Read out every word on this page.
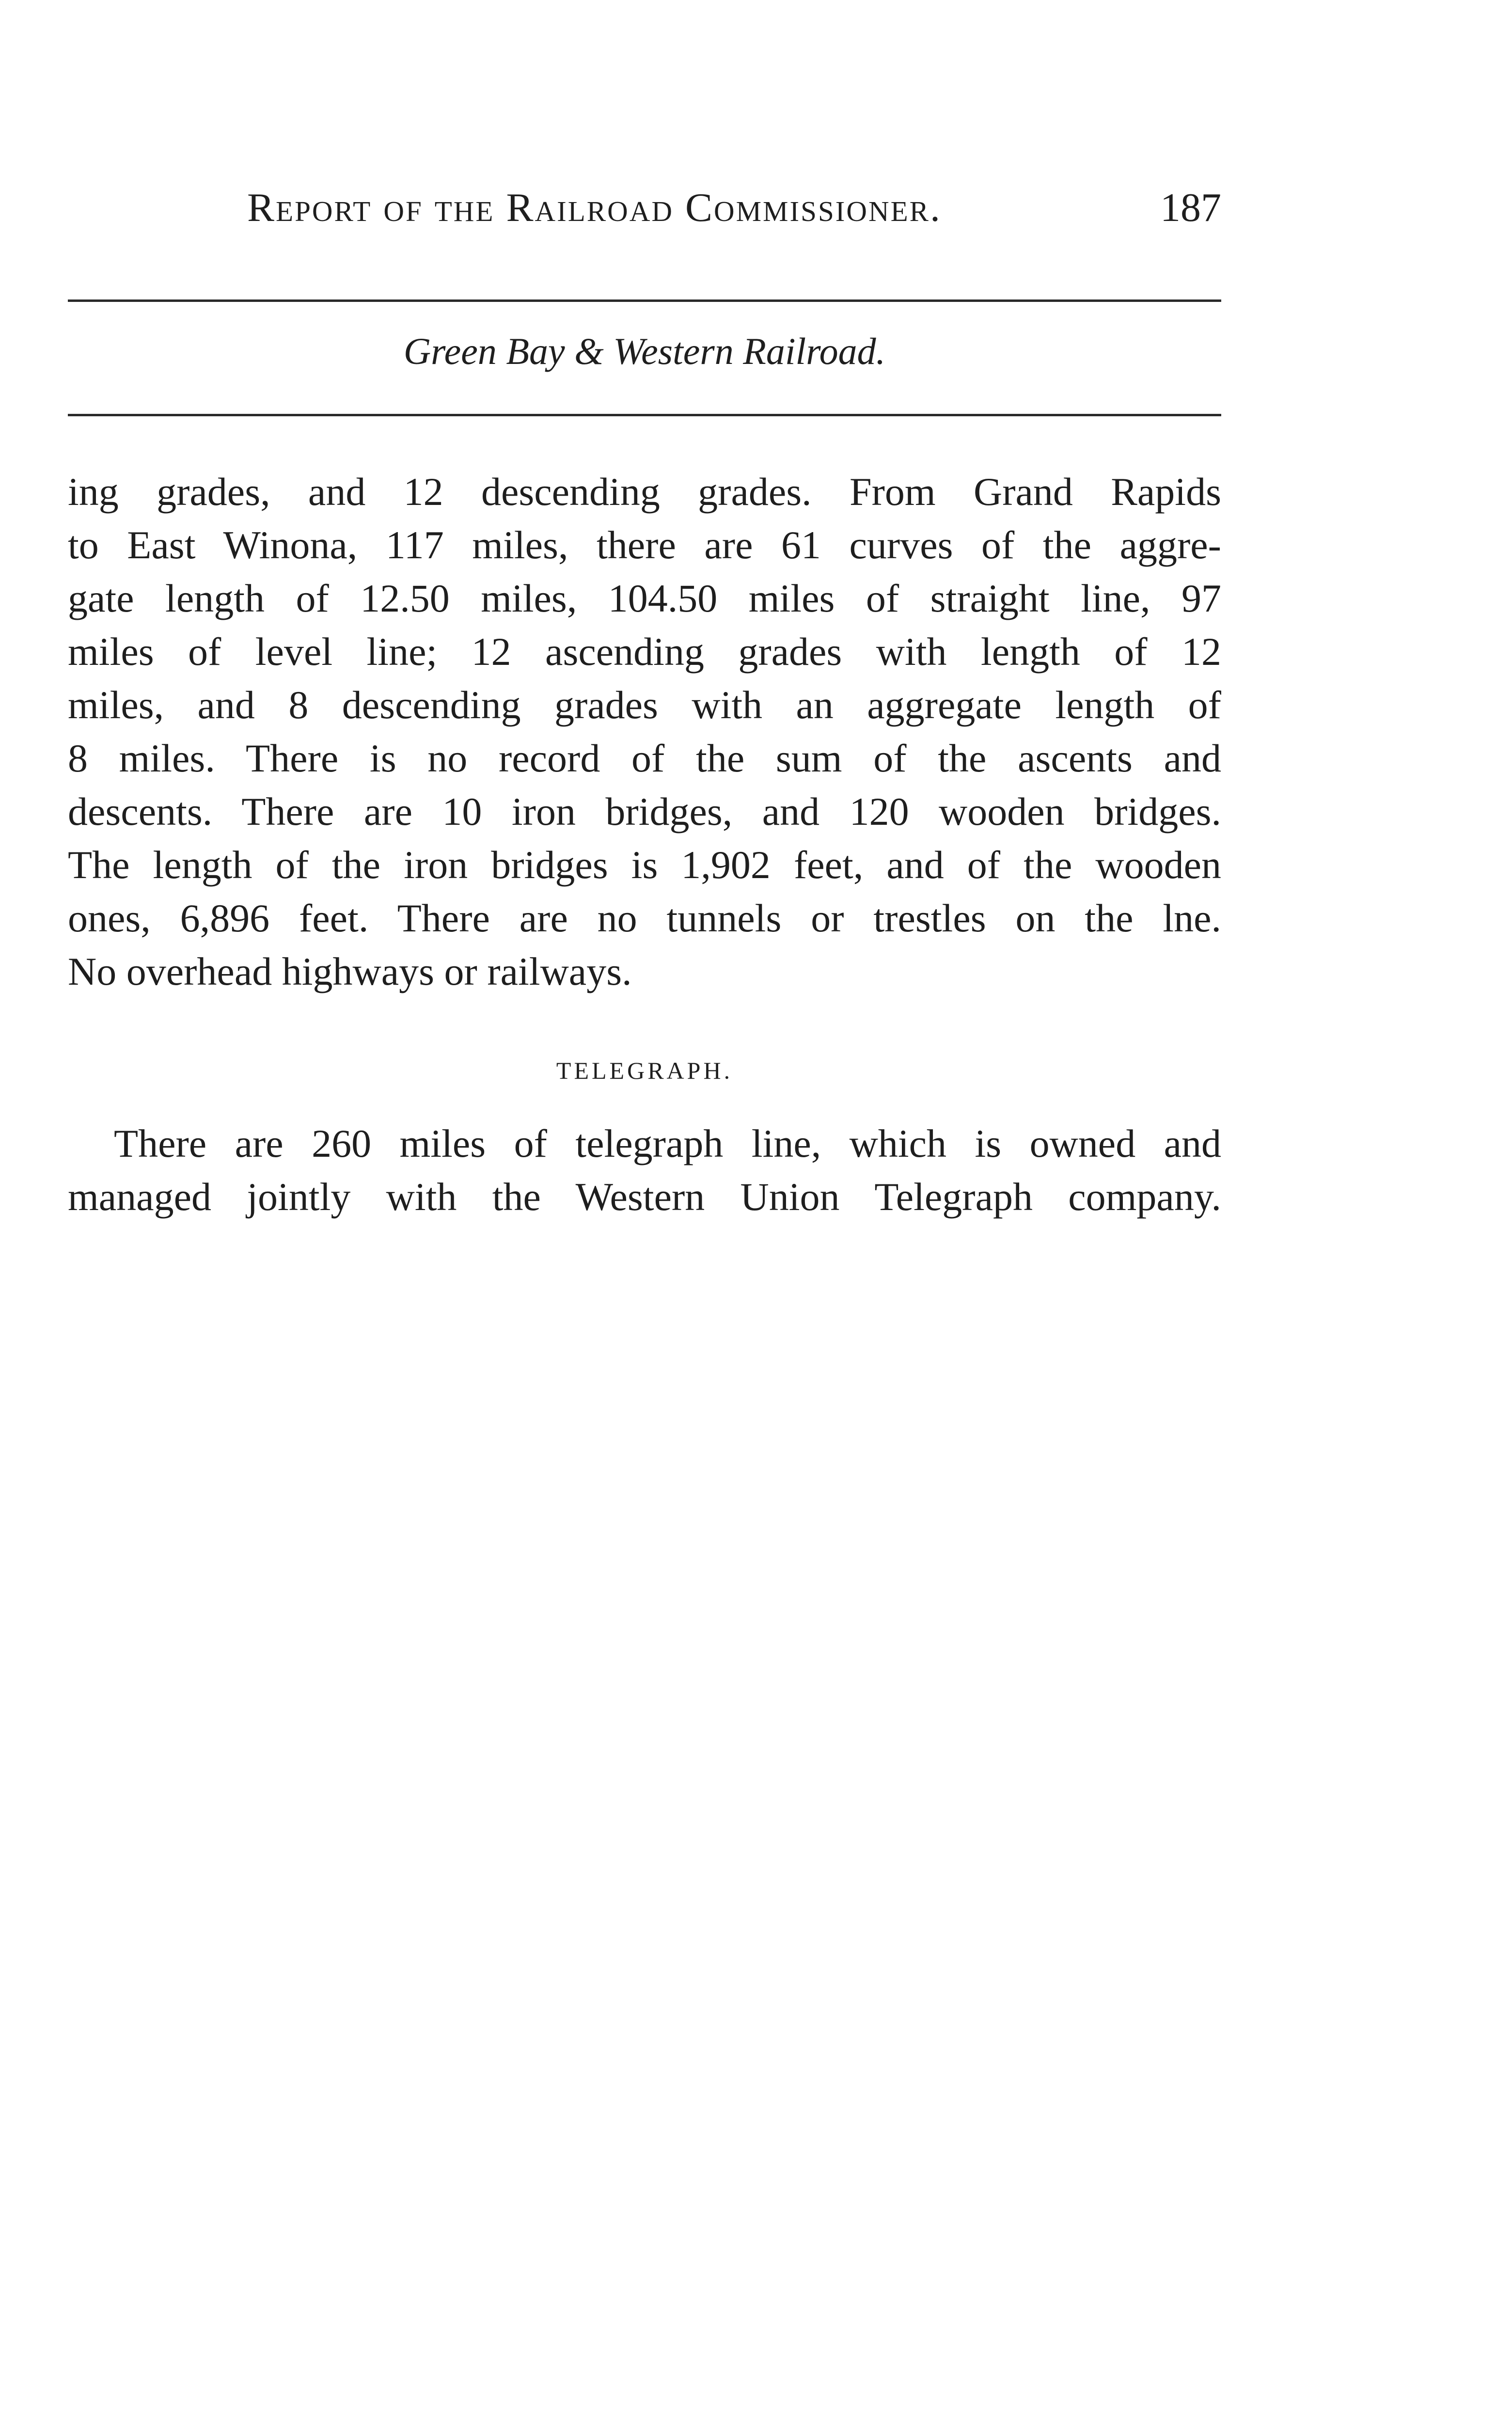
Report of the Railroad Commissioner.	187
Green Bay & Western Railroad.
ing grades, and 12 descending grades. From Grand Rapids
to East Winona, 117 miles, there are 61 curves of the aggre-
gate length of 12.50 miles, 104.50 miles of straight line, 97
miles of level line; 12 ascending grades with length of 12
miles, and 8 descending grades with an aggregate length of
8 miles. There is no record of the sum of the ascents and
descents. There are 10 iron bridges, and 120 wooden bridges.
The length of the iron bridges is 1,902 feet, and of the wooden
ones, 6,896 feet. There are no tunnels or trestles on the lne.
No overhead highways or railways.
TELEGRAPH.
There are 260 miles of telegraph line, which is owned and
managed jointly with the Western Union Telegraph company.
